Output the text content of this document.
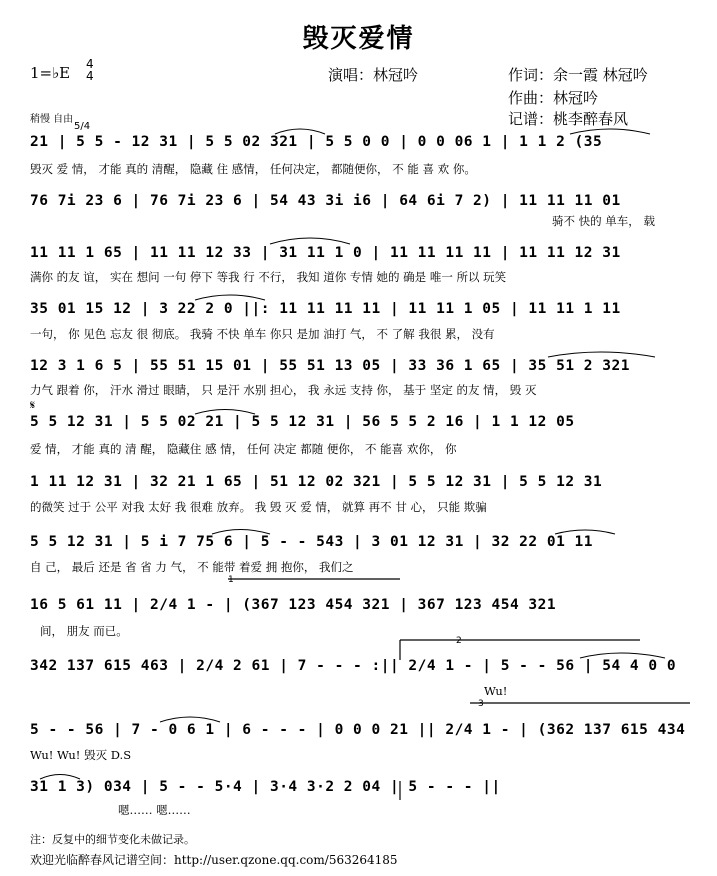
毁灭爱情
1=♭E 4
4	演唱：林冠吟	作词：余一霞 林冠吟
作曲：林冠吟
记谱：桃李醉春风
稍慢 自由
5/4
21 | 5 5 - 12 31 | 5 5 02 321 | 5 5 0 0 | 0 0 06 1 | 1 1 2 (35
毁灭 爱 情， 才能 真的 清醒， 隐藏 住 感情， 任何决定， 都随便你， 不 能 喜 欢 你。
76 7i 23 6 | 76 7i 23 6 | 54 43 3i i6 | 64 6i 7 2) | 11 11 11 01
骑不 快的 单车， 载
11 11 1 65 | 11 11 12 33 | 31 11 1 0 | 11 11 11 11 | 11 11 12 31
满你 的友 谊， 实在 想问 一句 停下 等我 行 不行， 我知 道你 专情 她的 确是 唯一 所以 玩笑
35 01 15 12 | 3 22 2 0 ||: 11 11 11 11 | 11 11 1 05 | 11 11 1 11
一句， 你 见色 忘友 很 彻底。 我骑 不快 单车 你只 是加 油打 气， 不 了解 我很 累， 没有
12 3 1 6 5 | 55 51 15 01 | 55 51 13 05 | 33 36 1 65 | 35 51 2 321
力气 跟着 你， 汗水 滑过 眼睛， 只 是汗 水别 担心， 我 永远 支持 你， 基于 坚定 的友 情， 毁 灭
𝄋
5 5 12 31 | 5 5 02 21 | 5 5 12 31 | 56 5 5 2 16 | 1 1 12 05
爱 情， 才能 真的 清 醒， 隐藏住 感 情， 任何 决定 都随 便你， 不 能喜 欢你， 你
1 11 12 31 | 32 21 1 65 | 51 12 02 321 | 5 5 12 31 | 5 5 12 31
的微笑 过于 公平 对我 太好 我 很难 放弃。 我 毁 灭 爱 情， 就算 再不 甘 心， 只能 欺骗
5 5 12 31 | 5 i 7 75 6 | 5 - - 543 | 3 01 12 31 | 32 22 01 11
自 己， 最后 还是 省 省 力 气， 不 能带 着爱 拥 抱你， 我们之
16 5 61 11 | 2/4 1 - | (367 123 454 321 | 367 123 454 321
间， 朋友 而已。
342 137 615 463 | 2/4 2 61 | 7 - - - :|| 2/4 1 - | 5 - - 56 | 54 4 0 0
Wu!
5 - - 56 | 7 - 0 6 1 | 6 - - - | 0 0 0 21 || 2/4 1 - | (362 137 615 434
Wu! Wu! 毁灭 D.S
31 1 3) 034 | 5 - - 5·4 | 3·4 3·2 2 04 | 5 - - - ||
嗯…… 嗯……
2
3
1
注：反复中的细节变化未做记录。
欢迎光临醉春风记谱空间：http://user.qzone.qq.com/563264185
